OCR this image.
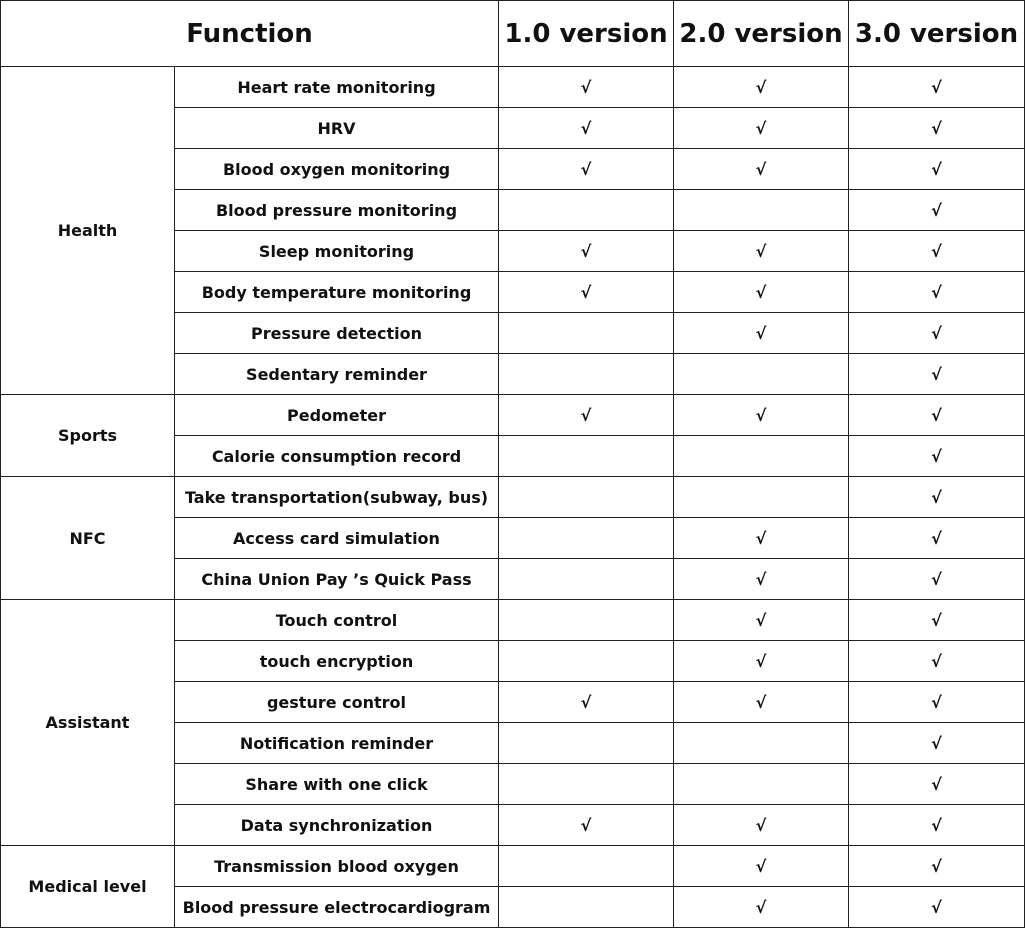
Function		1.0 version	2.0 version	3.0 version
Health	Heart rate monitoring	√	√	√
	HRV	√	√	√
	Blood oxygen monitoring	√	√	√
	Blood pressure monitoring			√
	Sleep monitoring	√	√	√
	Body temperature monitoring	√	√	√
	Pressure detection		√	√
	Sedentary reminder			√
Sports	Pedometer	√	√	√
	Calorie consumption record			√
NFC	Take transportation(subway, bus)			√
	Access card simulation		√	√
	China Union Pay ’s Quick Pass		√	√
Assistant	Touch control		√	√
	touch encryption		√	√
	gesture control	√	√	√
	Notification reminder			√
	Share with one click			√
	Data synchronization	√	√	√
Medical level	Transmission blood oxygen		√	√
	Blood pressure electrocardiogram		√	√
